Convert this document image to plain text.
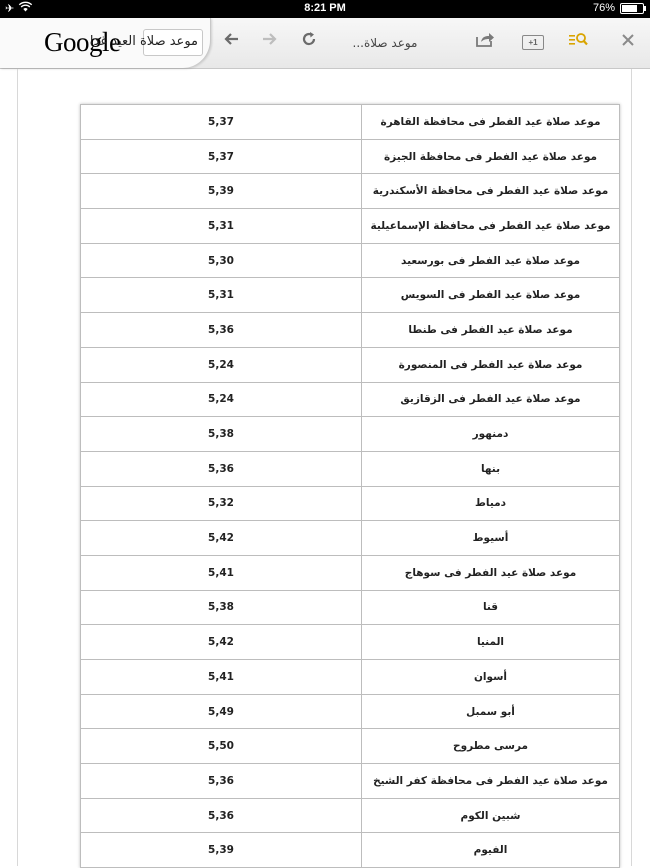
✈	8:21 PM	76%
Google
موعد صلاة العيد غدا	موعد صلاة...	+1
5,37	موعد صلاة عيد الفطر فى محافظة القاهرة
5,37	موعد صلاة عيد الفطر فى محافظة الجيزة
5,39	موعد صلاة عيد الفطر فى محافظة الأسكندرية
5,31	موعد صلاة عيد الفطر فى محافظة الإسماعيلية
5,30	موعد صلاة عيد الفطر فى بورسعيد
5,31	موعد صلاة عيد الفطر فى السويس
5,36	موعد صلاة عيد الفطر فى طنطا
5,24	موعد صلاة عيد الفطر فى المنصورة
5,24	موعد صلاة عيد الفطر فى الزقازيق
5,38	دمنهور
5,36	بنها
5,32	دمياط
5,42	أسيوط
5,41	موعد صلاة عيد الفطر فى سوهاج
5,38	قنا
5,42	المنيا
5,41	أسوان
5,49	أبو سمبل
5,50	مرسى مطروح
5,36	موعد صلاة عيد الفطر فى محافظة كفر الشيخ
5,36	شبين الكوم
5,39	الفيوم
